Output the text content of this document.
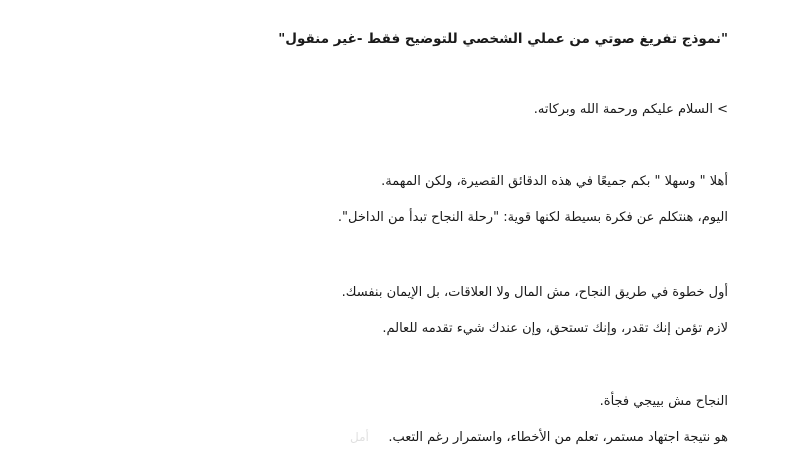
"نموذج تفريغ صوتي من عملي الشخصي للتوضيح فقط -غير منقول"
> السلام عليكم ورحمة الله وبركاته.
أهلا " وسهلا " بكم جميعًا في هذه الدقائق القصيرة، ولكن المهمة.
اليوم، هنتكلم عن فكرة بسيطة لكنها قوية: "رحلة النجاح تبدأ من الداخل".
أول خطوة في طريق النجاح، مش المال ولا العلاقات، بل الإيمان بنفسك.
لازم تؤمن إنك تقدر، وإنك تستحق، وإن عندك شيء تقدمه للعالم.
النجاح مش بييجي فجأة.
هو نتيجة اجتهاد مستمر، تعلم من الأخطاء، واستمرار رغم التعب.
أمل
